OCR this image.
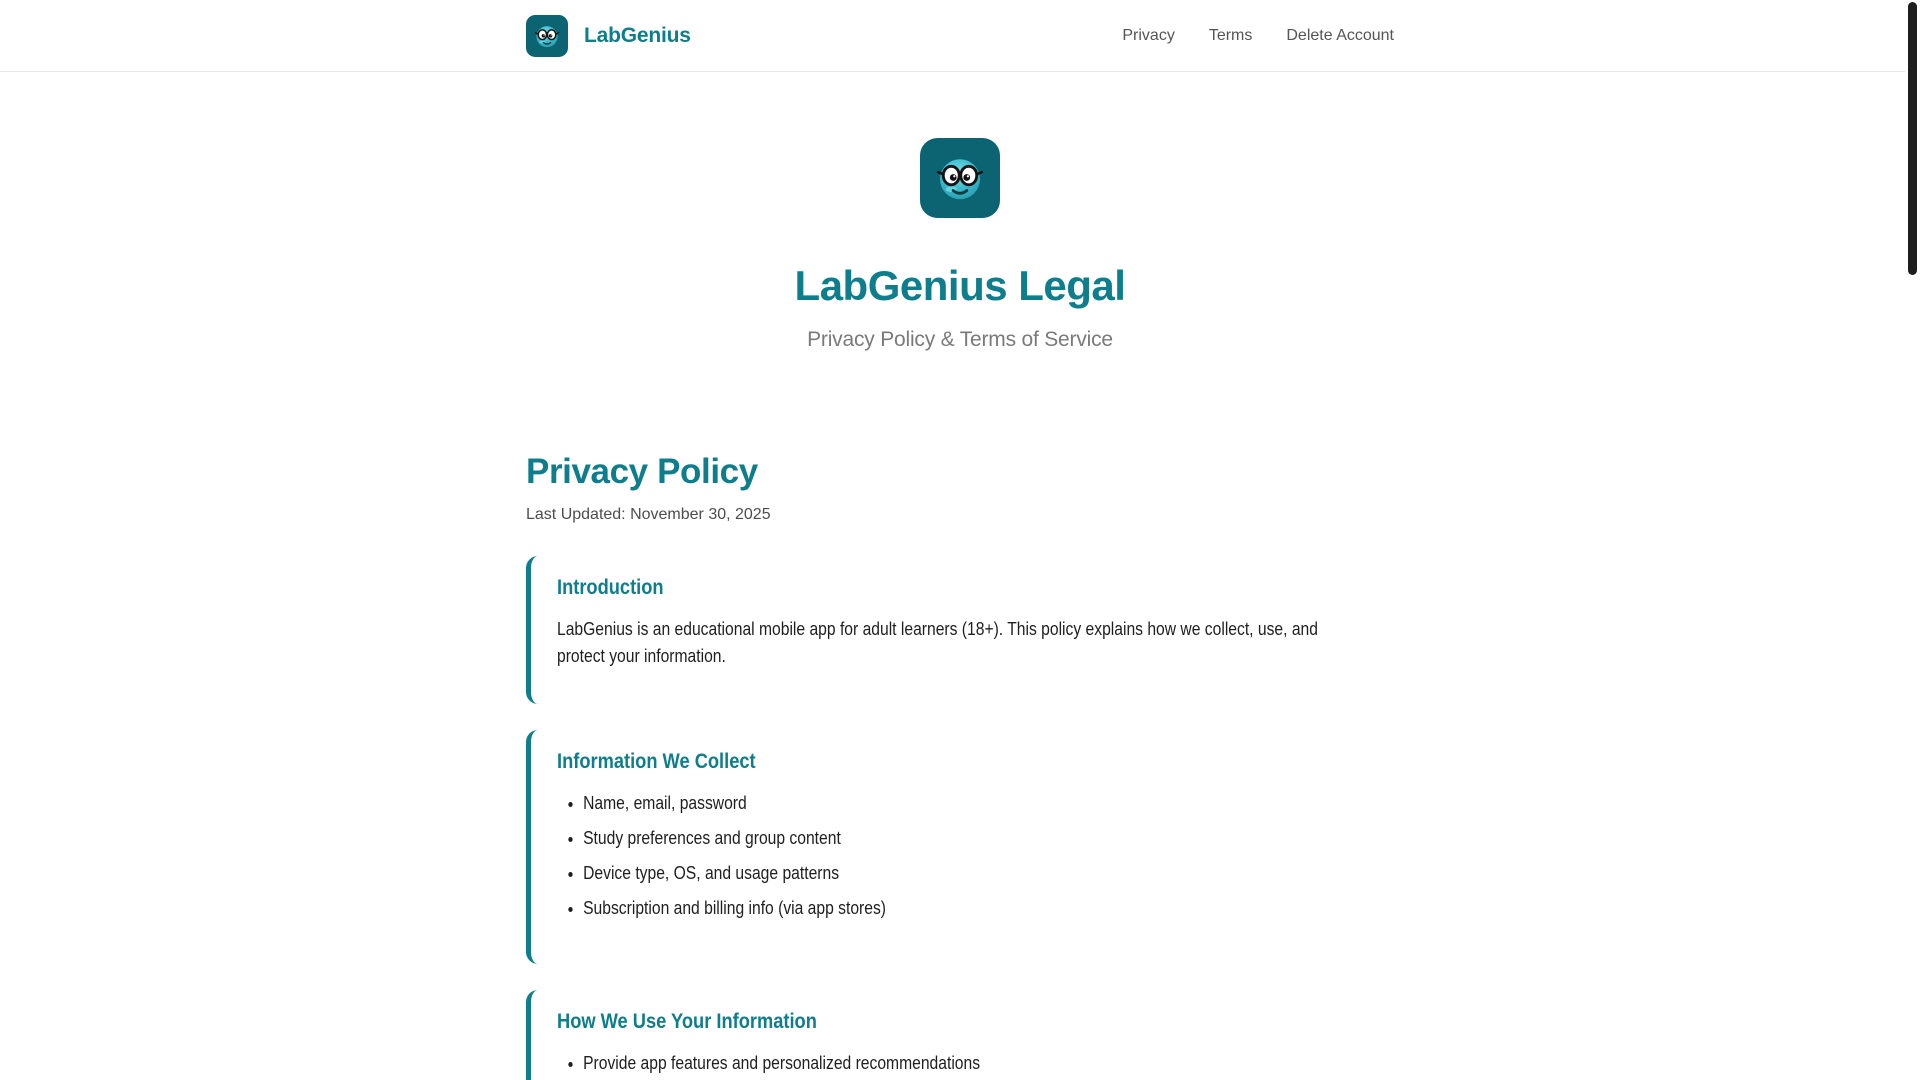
LabGenius	Privacy Terms Delete Account
LabGenius Legal
Privacy Policy & Terms of Service
Privacy Policy
Last Updated: November 30, 2025
Introduction

LabGenius is an educational mobile app for adult learners (18+). This policy explains how we collect, use, and protect your information.

Information We Collect
• Name, email, password
• Study preferences and group content
• Device type, OS, and usage patterns
• Subscription and billing info (via app stores)
How We Use Your Information
• Provide app features and personalized recommendations
